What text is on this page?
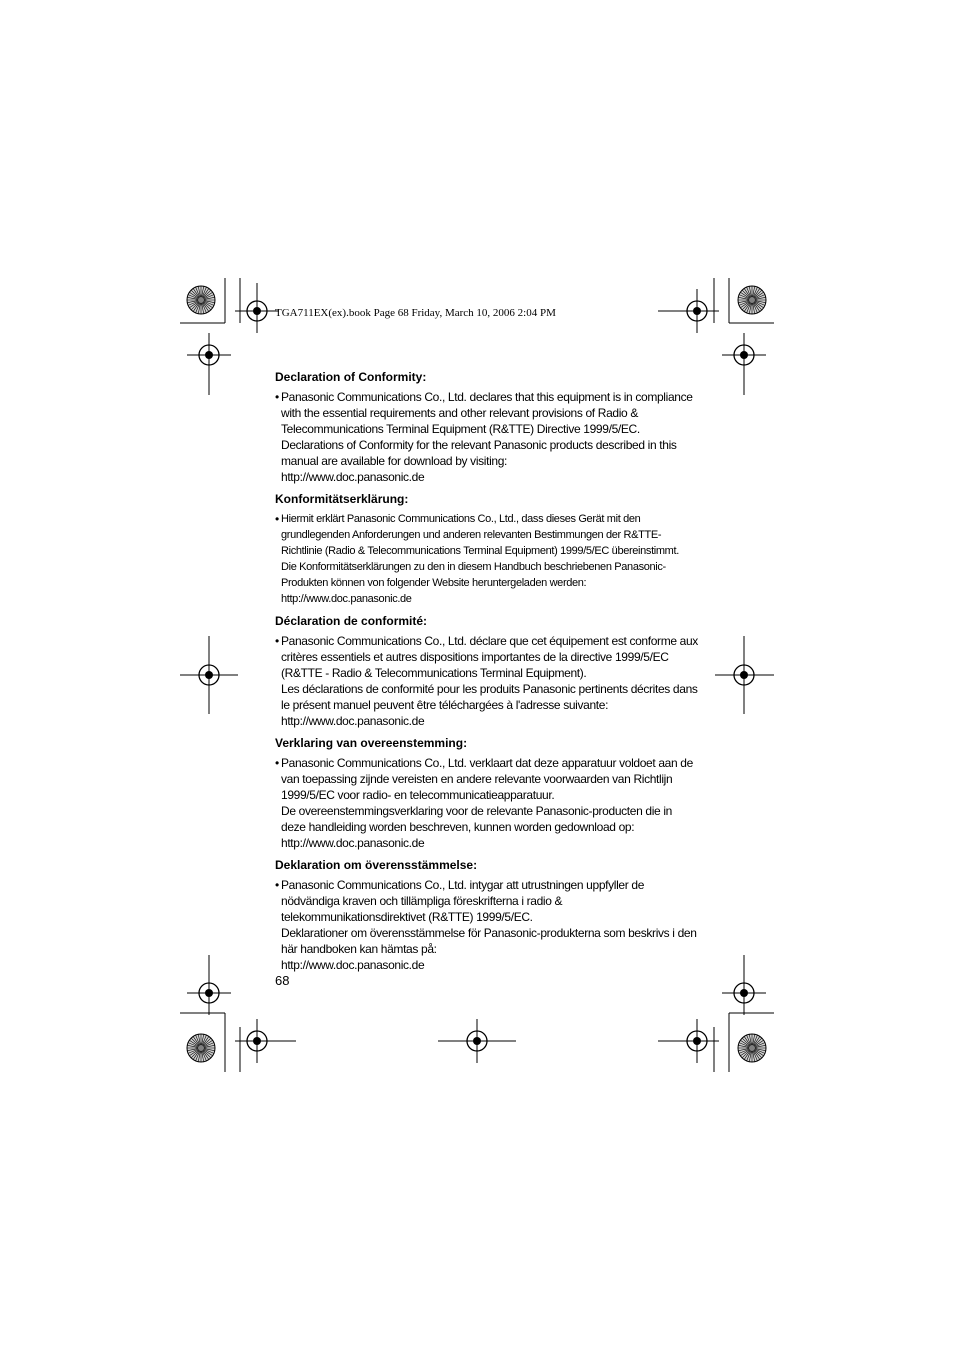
TGA711EX(ex).book Page 68 Friday, March 10, 2006 2:04 PM
Declaration of Conformity:
• Panasonic Communications Co., Ltd. declares that this equipment is in compliance
with the essential requirements and other relevant provisions of Radio &
Telecommunications Terminal Equipment (R&TTE) Directive 1999/5/EC.
Declarations of Conformity for the relevant Panasonic products described in this
manual are available for download by visiting:
http://www.doc.panasonic.de
Konformitätserklärung:
• Hiermit erklärt Panasonic Communications Co., Ltd., dass dieses Gerät mit den
grundlegenden Anforderungen und anderen relevanten Bestimmungen der R&TTE-
Richtlinie (Radio & Telecommunications Terminal Equipment) 1999/5/EC übereinstimmt.
Die Konformitätserklärungen zu den in diesem Handbuch beschriebenen Panasonic-
Produkten können von folgender Website heruntergeladen werden:
http://www.doc.panasonic.de
Déclaration de conformité:
• Panasonic Communications Co., Ltd. déclare que cet équipement est conforme aux
critères essentiels et autres dispositions importantes de la directive 1999/5/EC
(R&TTE - Radio & Telecommunications Terminal Equipment).
Les déclarations de conformité pour les produits Panasonic pertinents décrites dans
le présent manuel peuvent être téléchargées à l'adresse suivante:
http://www.doc.panasonic.de
Verklaring van overeenstemming:
• Panasonic Communications Co., Ltd. verklaart dat deze apparatuur voldoet aan de
van toepassing zijnde vereisten en andere relevante voorwaarden van Richtlijn
1999/5/EC voor radio- en telecommunicatieapparatuur.
De overeenstemmingsverklaring voor de relevante Panasonic-producten die in
deze handleiding worden beschreven, kunnen worden gedownload op:
http://www.doc.panasonic.de
Deklaration om överensstämmelse:
• Panasonic Communications Co., Ltd. intygar att utrustningen uppfyller de
nödvändiga kraven och tillämpliga föreskrifterna i radio &
telekommunikationsdirektivet (R&TTE) 1999/5/EC.
Deklarationer om överensstämmelse för Panasonic-produkterna som beskrivs i den
här handboken kan hämtas på:
http://www.doc.panasonic.de
68
